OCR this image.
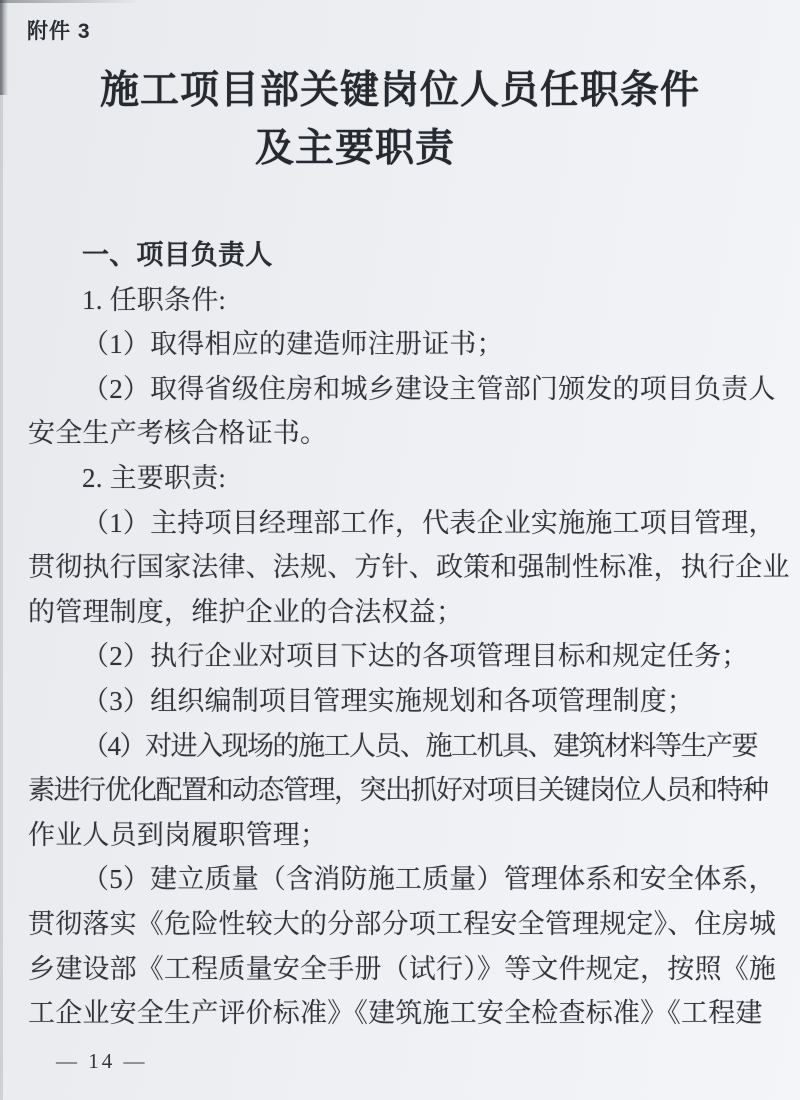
附件 3
施工项目部关键岗位人员任职条件
及主要职责
一、项目负责人
1. 任职条件:
（1）取得相应的建造师注册证书；
（2）取得省级住房和城乡建设主管部门颁发的项目负责人
安全生产考核合格证书。
2. 主要职责:
（1）主持项目经理部工作，代表企业实施施工项目管理，
贯彻执行国家法律、法规、方针、政策和强制性标准，执行企业
的管理制度，维护企业的合法权益；
（2）执行企业对项目下达的各项管理目标和规定任务；
（3）组织编制项目管理实施规划和各项管理制度；
（4）对进入现场的施工人员、施工机具、建筑材料等生产要
素进行优化配置和动态管理，突出抓好对项目关键岗位人员和特种
作业人员到岗履职管理；
（5）建立质量（含消防施工质量）管理体系和安全体系，
贯彻落实《危险性较大的分部分项工程安全管理规定》、住房城
乡建设部《工程质量安全手册（试行）》等文件规定，按照《施
工企业安全生产评价标准》《建筑施工安全检查标准》《工程建
— 14 —
